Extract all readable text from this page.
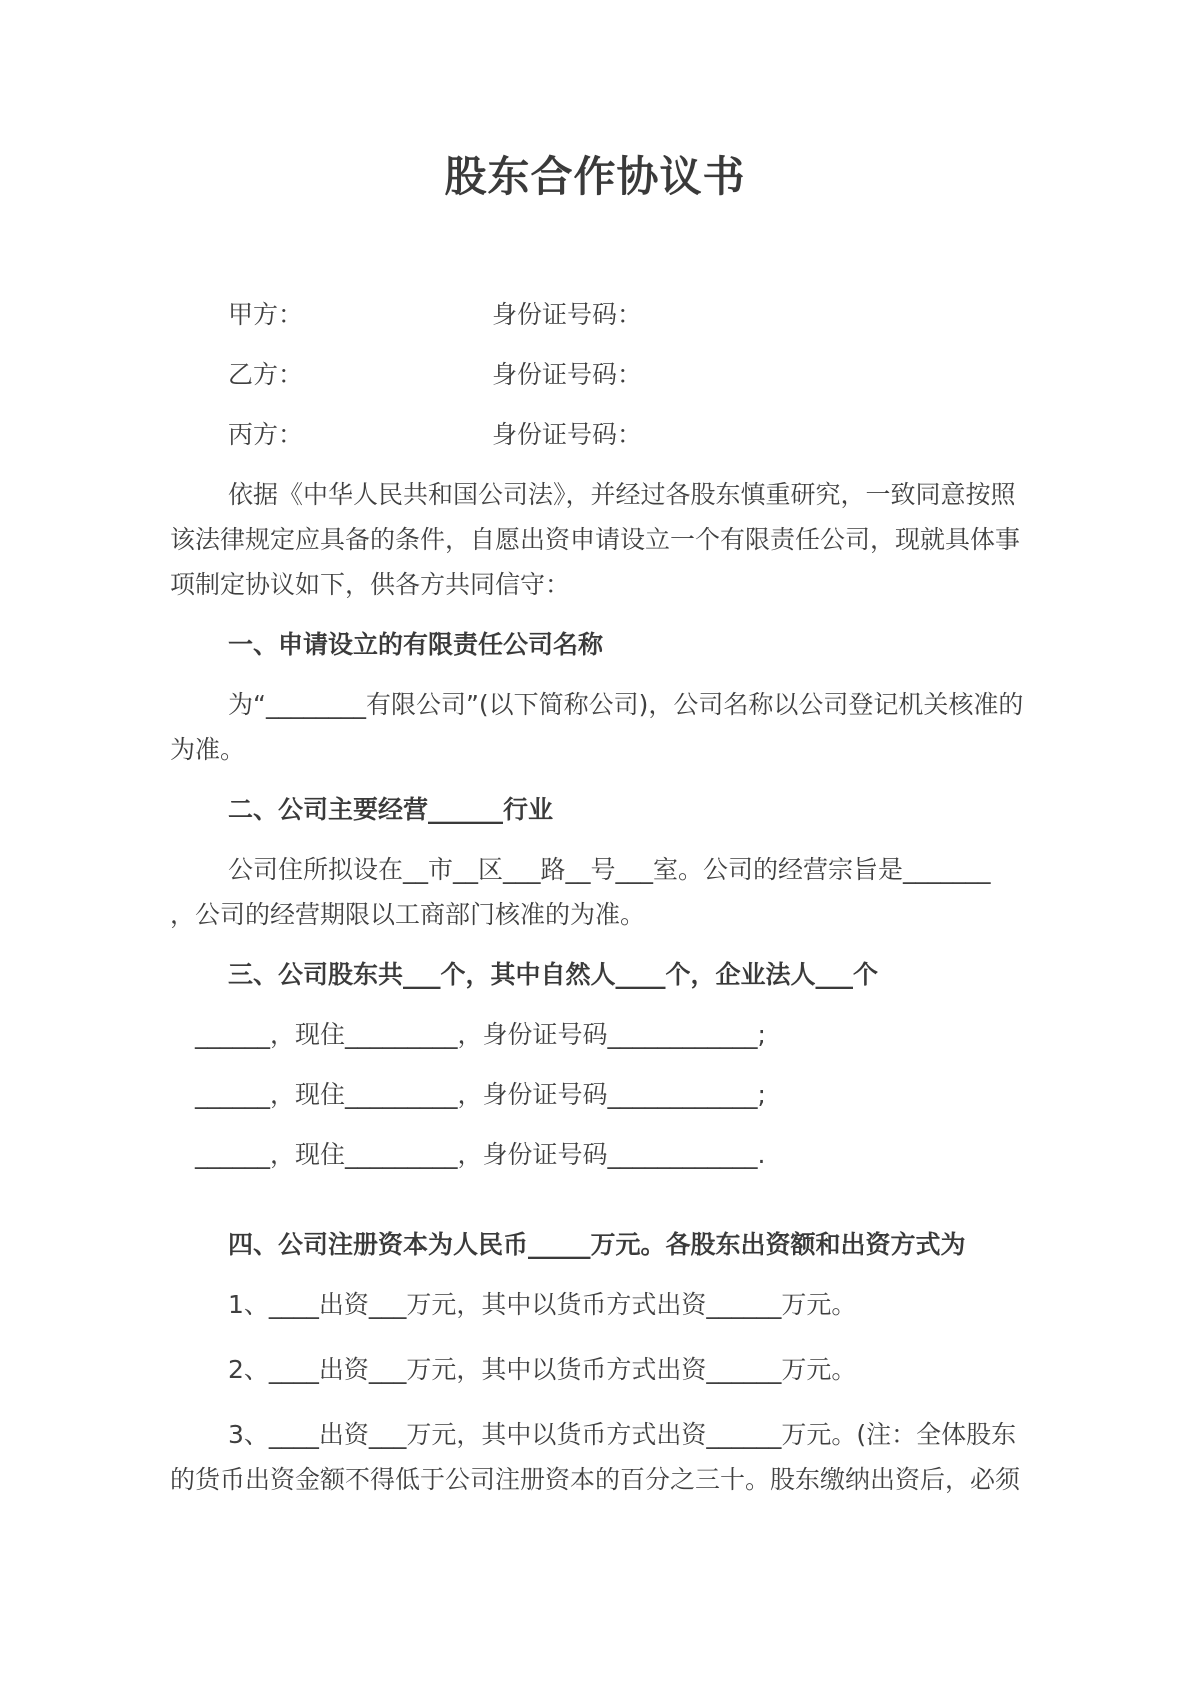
股东合作协议书
甲方：	身份证号码：
乙方：	身份证号码：
丙方：	身份证号码：
依据《中华人民共和国公司法》，并经过各股东慎重研究，一致同意按照
该法律规定应具备的条件，自愿出资申请设立一个有限责任公司，现就具体事
项制定协议如下，供各方共同信守：
一、申请设立的有限责任公司名称
为“________有限公司”(以下简称公司)，公司名称以公司登记机关核准的
为准。
二、公司主要经营______行业
公司住所拟设在__市__区___路__号___室。公司的经营宗旨是_______
，公司的经营期限以工商部门核准的为准。
三、公司股东共___个，其中自然人____个，企业法人___个
______，现住_________，身份证号码____________;
______，现住_________，身份证号码____________;
______，现住_________，身份证号码____________.
四、公司注册资本为人民币_____万元。各股东出资额和出资方式为
1、____出资___万元，其中以货币方式出资______万元。
2、____出资___万元，其中以货币方式出资______万元。
3、____出资___万元，其中以货币方式出资______万元。(注：全体股东
的货币出资金额不得低于公司注册资本的百分之三十。股东缴纳出资后，必须
